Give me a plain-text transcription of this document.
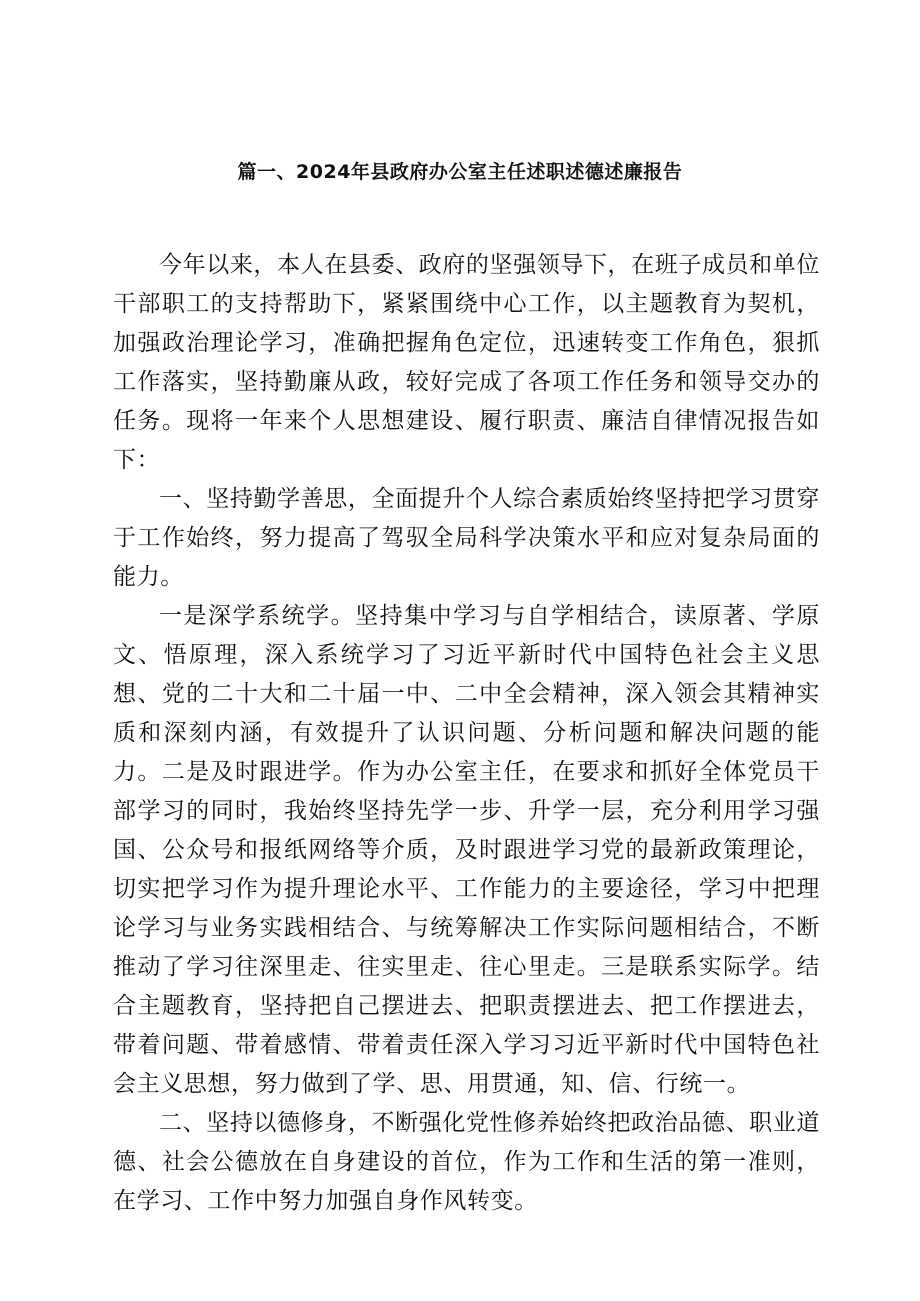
篇一、2024年县政府办公室主任述职述德述廉报告

今年以来，本人在县委、政府的坚强领导下，在班子成员和单位干部职工的支持帮助下，紧紧围绕中心工作，以主题教育为契机，加强政治理论学习，准确把握角色定位，迅速转变工作角色，狠抓工作落实，坚持勤廉从政，较好完成了各项工作任务和领导交办的任务。现将一年来个人思想建设、履行职责、廉洁自律情况报告如下：

一、坚持勤学善思，全面提升个人综合素质始终坚持把学习贯穿于工作始终，努力提高了驾驭全局科学决策水平和应对复杂局面的能力。

一是深学系统学。坚持集中学习与自学相结合，读原著、学原文、悟原理，深入系统学习了习近平新时代中国特色社会主义思想、党的二十大和二十届一中、二中全会精神，深入领会其精神实质和深刻内涵，有效提升了认识问题、分析问题和解决问题的能力。二是及时跟进学。作为办公室主任，在要求和抓好全体党员干部学习的同时，我始终坚持先学一步、升学一层，充分利用学习强国、公众号和报纸网络等介质，及时跟进学习党的最新政策理论，切实把学习作为提升理论水平、工作能力的主要途径，学习中把理论学习与业务实践相结合、与统筹解决工作实际问题相结合，不断推动了学习往深里走、往实里走、往心里走。三是联系实际学。结合主题教育，坚持把自己摆进去、把职责摆进去、把工作摆进去，带着问题、带着感情、带着责任深入学习习近平新时代中国特色社会主义思想，努力做到了学、思、用贯通，知、信、行统一。

二、坚持以德修身，不断强化党性修养始终把政治品德、职业道德、社会公德放在自身建设的首位，作为工作和生活的第一准则，在学习、工作中努力加强自身作风转变。
